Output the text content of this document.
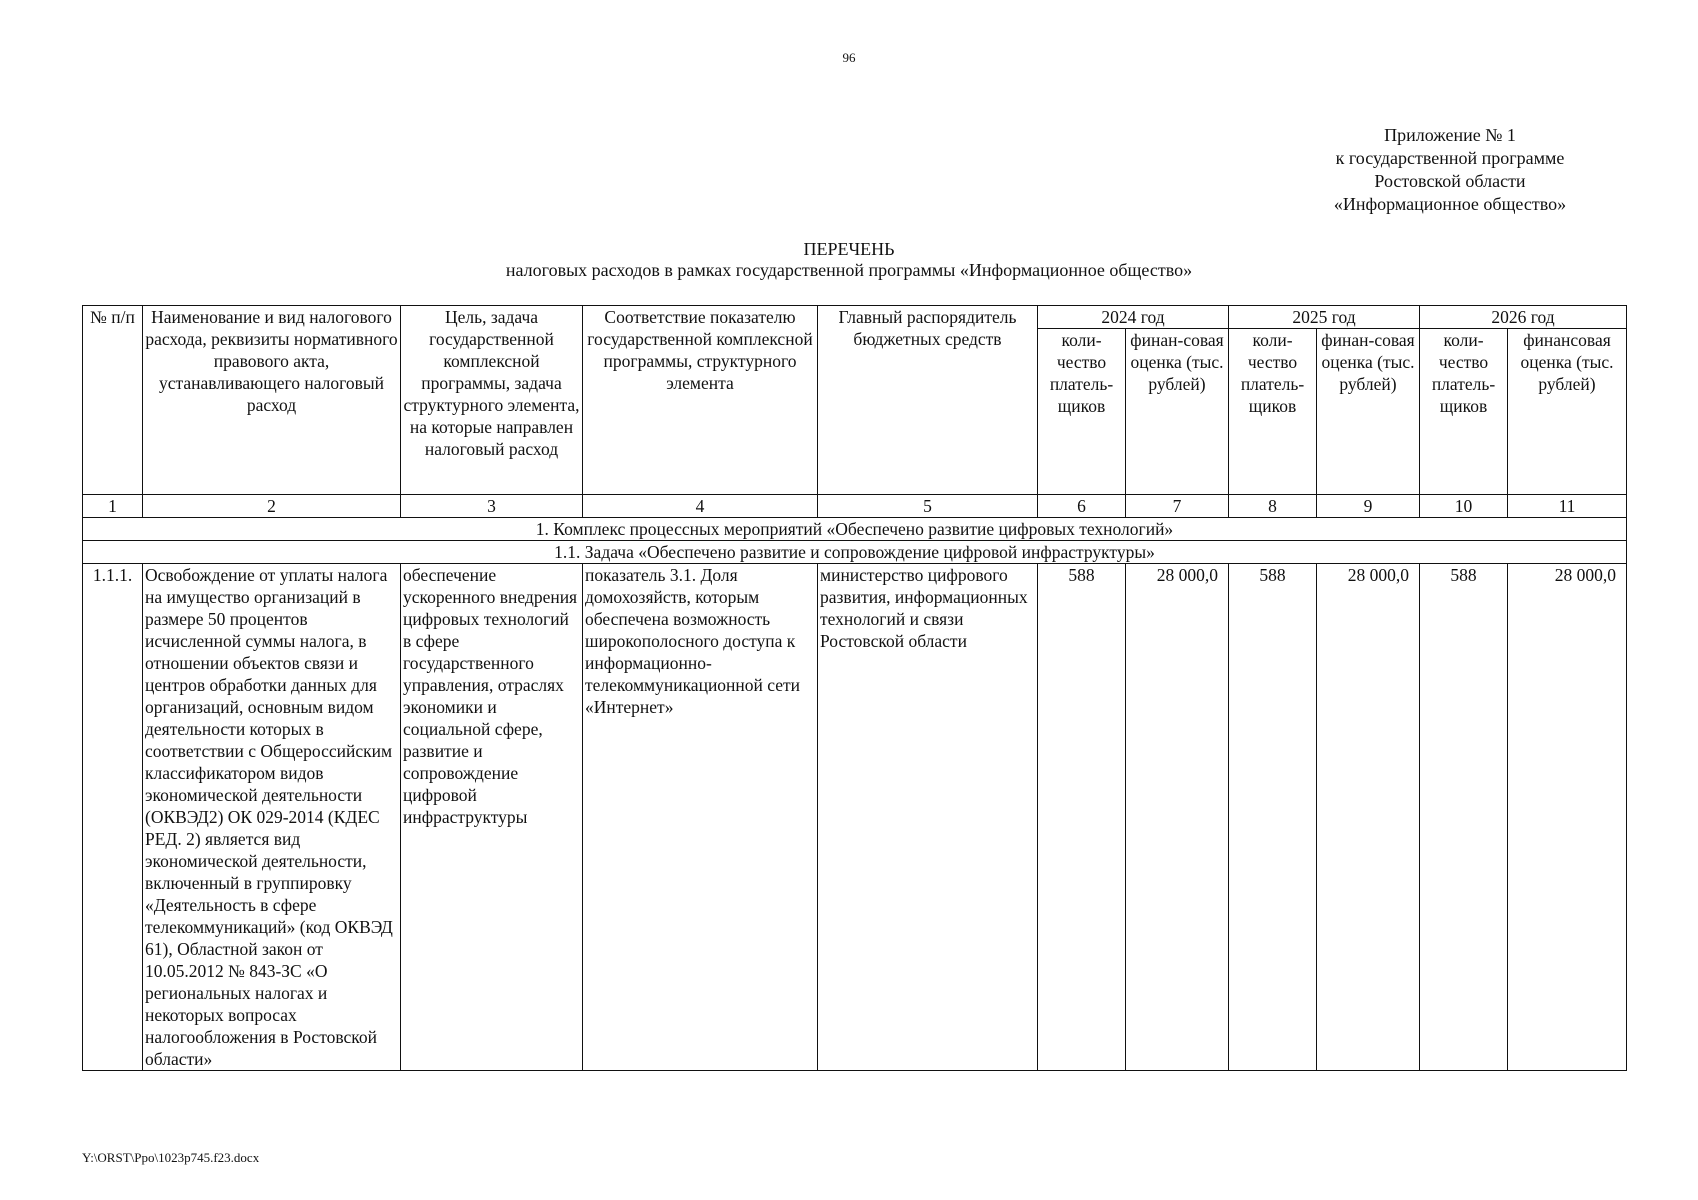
96
Приложение № 1
к государственной программе
Ростовской области
«Информационное общество»
ПЕРЕЧЕНЬ
налоговых расходов в рамках государственной программы «Информационное общество»
№ п/п	Наименование и вид налогового расхода, реквизиты нормативного правового акта, устанавливающего налоговый расход	Цель, задача государственной комплексной программы, задача структурного элемента, на которые направлен налоговый расход	Соответствие показателю государственной комплексной программы, структурного элемента	Главный распорядитель бюджетных средств	2024 год		2025 год		2026 год	
					коли-чество платель-щиков	финан-совая оценка (тыс. рублей)	коли-чество платель-щиков	финан-совая оценка (тыс. рублей)	коли-чество платель-щиков	финансовая оценка (тыс. рублей)
1	2	3	4	5	6	7	8	9	10	11
1. Комплекс процессных мероприятий «Обеспечено развитие цифровых технологий»										
1.1. Задача «Обеспечено развитие и сопровождение цифровой инфраструктуры»										
1.1.1.	Освобождение от уплаты налога на имущество организаций в размере 50 процентов исчисленной суммы налога, в отношении объектов связи и центров обработки данных для организаций, основным видом деятельности которых в соответствии с Общероссийским классификатором видов экономической деятельности (ОКВЭД2) ОК 029-2014 (КДЕС РЕД. 2) является вид экономической деятельности, включенный в группировку «Деятельность в сфере телекоммуникаций» (код ОКВЭД 61), Областной закон от 10.05.2012 № 843-ЗС «О региональных налогах и некоторых вопросах налогообложения в Ростовской области»	обеспечение ускоренного внедрения цифровых технологий в сфере государственного управления, отраслях экономики и социальной сфере, развитие и сопровождение цифровой инфраструктуры	показатель 3.1. Доля домохозяйств, которым обеспечена возможность широкополосного доступа к информационно-телекоммуникационной сети «Интернет»	министерство цифрового развития, информационных технологий и связи Ростовской области	588	28 000,0	588	28 000,0	588	28 000,0
Y:\ORST\Ppo\1023p745.f23.docx
